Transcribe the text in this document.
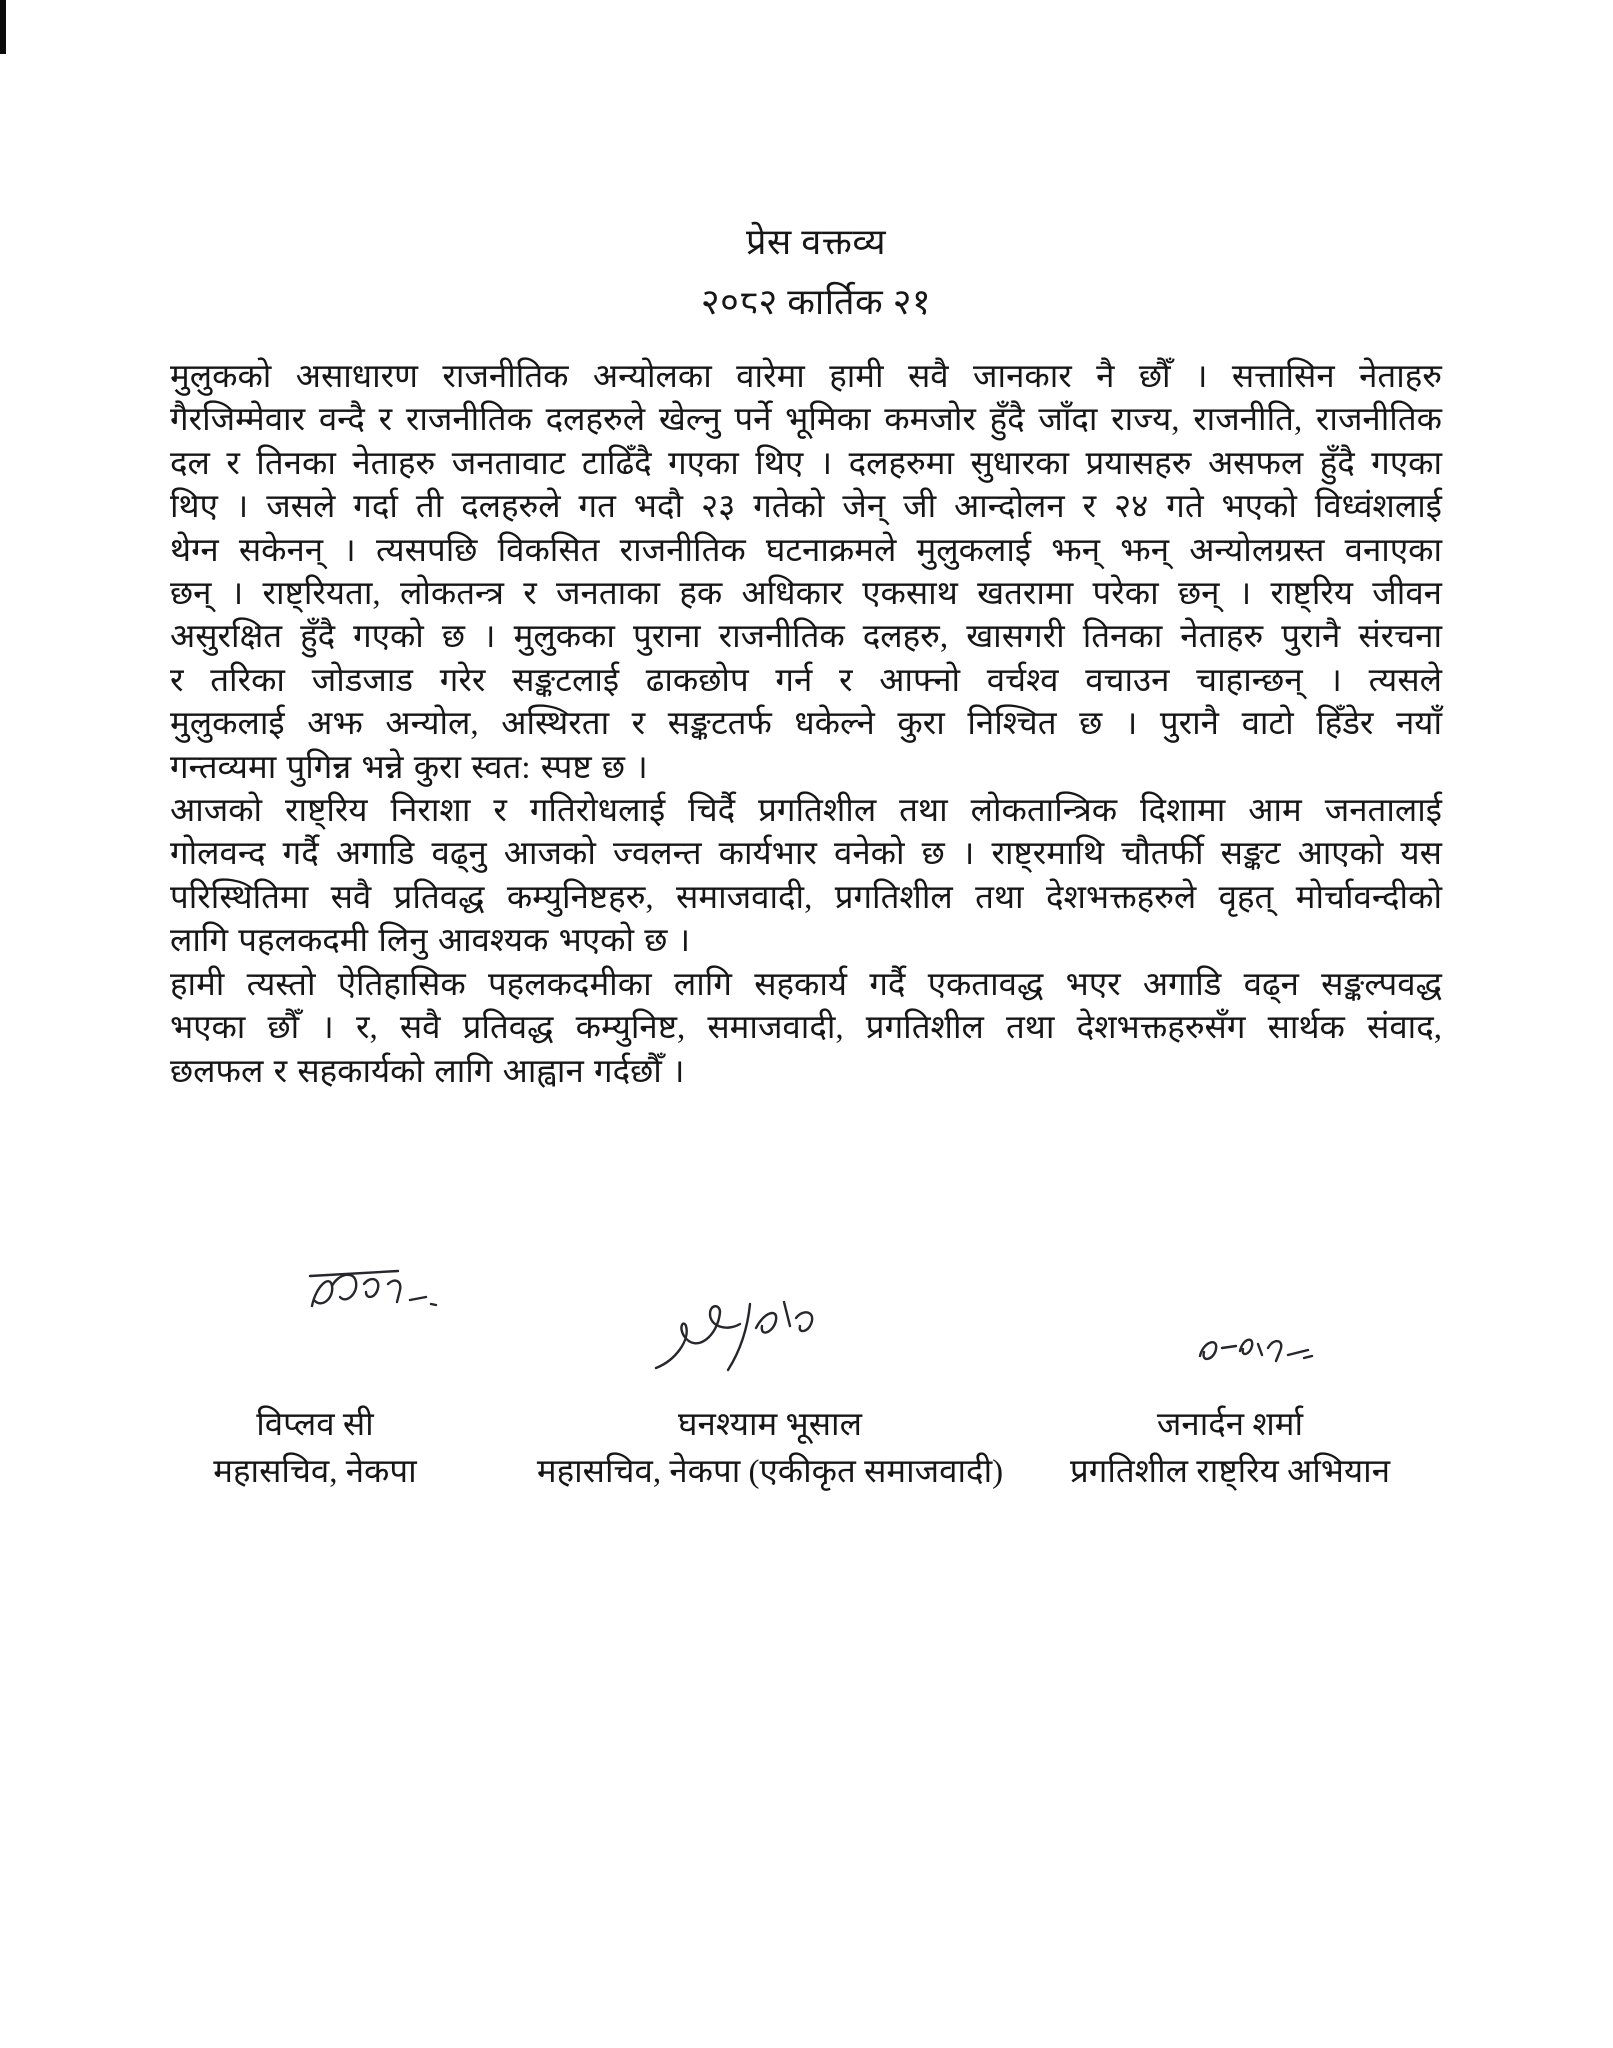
प्रेस वक्तव्य
२०८२ कार्तिक २१
मुलुकको असाधारण राजनीतिक अन्योलका वारेमा हामी सवै जानकार नै छौँ । सत्तासिन नेताहरु
गैरजिम्मेवार वन्दै र राजनीतिक दलहरुले खेल्नु पर्ने भूमिका कमजोर हुँदै जाँदा राज्य, राजनीति, राजनीतिक
दल र तिनका नेताहरु जनतावाट टाढिँदै गएका थिए । दलहरुमा सुधारका प्रयासहरु असफल हुँदै गएका
थिए । जसले गर्दा ती दलहरुले गत भदौ २३ गतेको जेन् जी आन्दोलन र २४ गते भएको विध्वंशलाई
थेग्न सकेनन् । त्यसपछि विकसित राजनीतिक घटनाक्रमले मुलुकलाई झन् झन् अन्योलग्रस्त वनाएका
छन् । राष्ट्रियता, लोकतन्त्र र जनताका हक अधिकार एकसाथ खतरामा परेका छन् । राष्ट्रिय जीवन
असुरक्षित हुँदै गएको छ । मुलुकका पुराना राजनीतिक दलहरु, खासगरी तिनका नेताहरु पुरानै संरचना
र तरिका जोडजाड गरेर सङ्कटलाई ढाकछोप गर्न र आफ्नो वर्चश्व वचाउन चाहान्छन् । त्यसले
मुलुकलाई अझ अन्योल, अस्थिरता र सङ्कटतर्फ धकेल्ने कुरा निश्चित छ । पुरानै वाटो हिँडेर नयाँ
गन्तव्यमा पुगिन्न भन्ने कुरा स्वत: स्पष्ट छ ।
आजको राष्ट्रिय निराशा र गतिरोधलाई चिर्दै प्रगतिशील तथा लोकतान्त्रिक दिशामा आम जनतालाई
गोलवन्द गर्दै अगाडि वढ्नु आजको ज्वलन्त कार्यभार वनेको छ । राष्ट्रमाथि चौतर्फी सङ्कट आएको यस
परिस्थितिमा सवै प्रतिवद्ध कम्युनिष्टहरु, समाजवादी, प्रगतिशील तथा देशभक्तहरुले वृहत् मोर्चावन्दीको
लागि पहलकदमी लिनु आवश्यक भएको छ ।
हामी त्यस्तो ऐतिहासिक पहलकदमीका लागि सहकार्य गर्दै एकतावद्ध भएर अगाडि वढ्न सङ्कल्पवद्ध
भएका छौँ । र, सवै प्रतिवद्ध कम्युनिष्ट, समाजवादी, प्रगतिशील तथा देशभक्तहरुसँग सार्थक संवाद,
छलफल र सहकार्यको लागि आह्वान गर्दछौँ ।
विप्लव सी
महासचिव, नेकपा
घनश्याम भूसाल
महासचिव, नेकपा (एकीकृत समाजवादी)
जनार्दन शर्मा
प्रगतिशील राष्ट्रिय अभियान
